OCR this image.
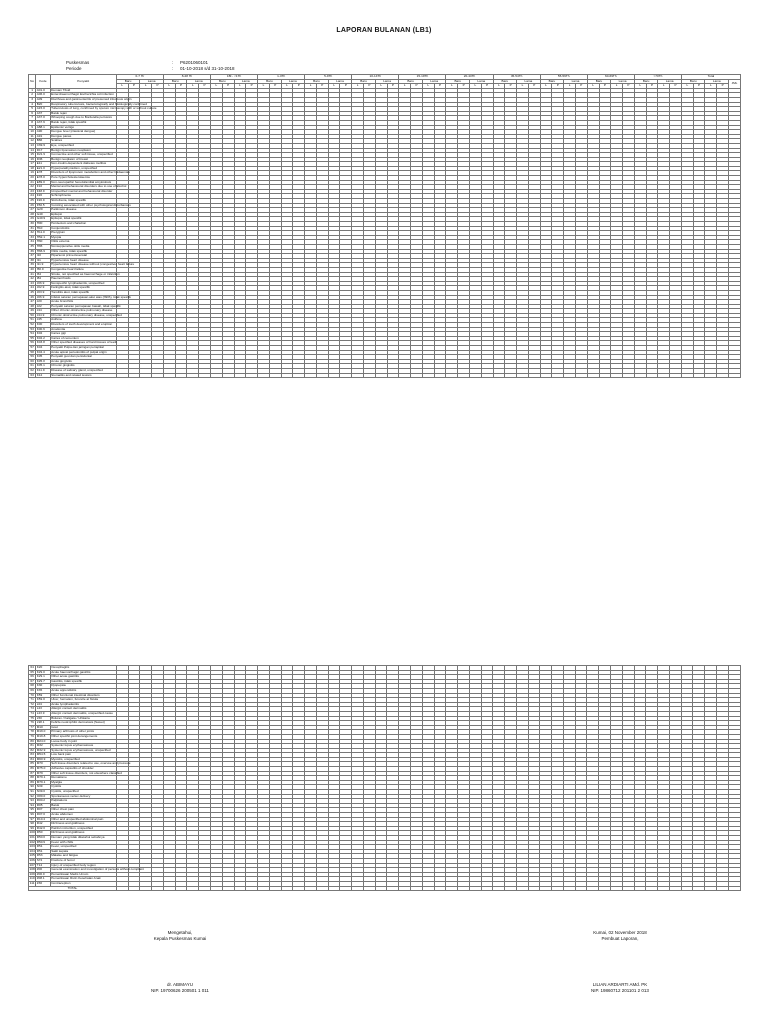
LAPORAN BULANAN (LB1)
Puskesmas	:	P6201060101
Periode	:	01-10-2018 s/d 31-10-2018
No	Kode	Penyakit	0-7 Hr				8-28 Hr				1Bl - <1Th				1-4Th				5-9Th				10-14Th				15-19Th				20-44Th				45-54Th				55-59Th				60-69Th				>70Th				Total				
			Baru		Lama		Baru		Lama		Baru		Lama		Baru		Lama		Baru		Lama		Baru		Lama		Baru		Lama		Baru		Lama		Baru		Lama		Baru		Lama		Baru		Lama		Baru		Lama		Baru		Lama		JML
			L	P	L	P	L	P	L	P	L	P	L	P	L	P	L	P	L	P	L	P	L	P	L	P	L	P	L	P	L	P	L	P	L	P	L	P	L	P	L	P	L	P	L	P	L	P	L	P	L	P	L	P	
1	A01.0	Demam Tifoid																																																					
2	A06.0	Enterohaemorrhagic Escherichia coli infection																																																					
3	A09	Diarrhoea and gastroenteritis of presumed infectious origin																																																					
4	B20	Respiratory tuberculosis, bacteriologically and histologically confirmed																																																					
5	A15.0	Tuberculosis of lung, confirmed by sputum microscopy with or without culture																																																					
6	A37	Batuk rejan																																																					
7	A37.0	Whooping cough due to Bordetella pertussis																																																					
8	A37.9	Batuk rejan, tidak spesifik																																																					
9	A88.1	Epidemic vertigo																																																					
10	A90	Dengue fever [classical dengue]																																																					
11	A91	Dengue panas																																																					
12	B86	Scabies																																																					
13	C69.9	Eye, unspecified																																																					
14	D17	Benign lipomatous neoplasm																																																					
15	D21.9	Connective and other soft tissue, unspecified																																																					
16	D36	Benign neoplasm of breast																																																					
17	E11	Non-insulin-dependent diabetes mellitus																																																					
18	E21.0	Hyperparathyroidism, unspecified																																																					
19	E78	Disorders of lipoprotein metabolism and other lipidaemias																																																					
20	E78.0	Pure hypercholesterolaemia																																																					
21	E89.0	Non-neuropathic heredofamilial amyloidosis																																																					
22	F10	Mental and behavioural disorders due to use of alcohol																																																					
23	F48.9	Unspecified mental and behavioural disorder																																																					
24	F20	Schizophrenia																																																					
25	F20.9	Skizofrenia, tidak spesifik																																																					
26	F50.5	Vomiting associated with other psychological disturbances																																																					
27	G20	Parkinson disease																																																					
28	G40	Epilepsi																																																					
29	G40.9	Epilepsi, tidak spesifik																																																					
30	H00	Hordeolum and chalazion																																																					
31	H10	Conjunctivitis																																																					
32	H11.0	Pterygium																																																					
33	H52.1	Myopia																																																					
34	H60	Otitis externa																																																					
35	H65	Nonsuppurative otitis media																																																					
36	H66.9	Otitis media, tidak spesifik																																																					
37	I10	Hipertensi primer/esensial																																																					
38	I11	Hypertensive heart disease																																																					
39	I11.9	Hypertensive heart disease without (congestive) heart failure																																																					
40	I50.0	Congestive heart failure																																																					
41	I64	Stroke, not specified as haemorrhage or infarction																																																					
42	I84	Haemorrhoids																																																					
43	J06.9	Nonspecific lymphadenitis, unspecified																																																					
44	J02.9	Faringitis akut, tidak spesifik																																																					
45	J03.9	Tonsilitis akut, tidak spesifik																																																					
46	J06.9	Infeksi saluran pernapasan akut atas (ISPA), tidak spesifik																																																					
47	J20	Acute bronchitis																																																					
48	J22	Penyakit saluran pernapasan bawah, tidak spesifik																																																					
49	J44	Other chronic obstructive pulmonary disease																																																					
50	J44.9	Chronic obstructive pulmonary disease, unspecified																																																					
51	J45	Asthma																																																					
52	K00	Disorders of tooth development and eruption																																																					
53	K00.6	Anodontia																																																					
54	K02	Caries gigi																																																					
55	K02.2	Caries of cementum																																																					
56	K03.8	Other specified diseases of hard tissues of teeth																																																					
57	K04	Penyakit Pulpa dan jaringan periapikal																																																					
58	K04.4	Acute apical periodontitis of pulpal origin																																																					
59	K05	Penyakit gusi dan periodontal																																																					
60	K05.0	Acute gingivitis																																																					
61	K05.1	Chronic gingivitis																																																					
62	K11.9	Disease of salivary gland, unspecified																																																					
63	K12	Stomatitis and related lesions																																																					
64	K20	Oesophagitis																																																					
65	K29.0	Acute haemorrhagic gastritis																																																					
66	K29.1	Other acute gastritis																																																					
67	K29.7	Gastritis, tidak spesifik																																																					
68	K30	Dyspepsia																																																					
69	K35	Acute appendicitis																																																					
70	K59	Other functional intestinal disorders																																																					
71	K59.0	Ulcer, hernation, furuncle at fistula																																																					
72	L04	Acute lymphadenitis																																																					
73	L23	Allergic contact dermatitis																																																					
74	L23.9	Allergic contact dermatitis, unspecified cause																																																					
75	L50	Biduran / Kaligata / Urtikaria																																																					
76	L98.1	Febrile neutrophilic dermatosis [Sweet]																																																					
77	M10	Gout																																																					
78	M19.0	Primary arthrosis of other joints																																																					
79	M19.8	Other specific joint derangements																																																					
80	M24.0	Loose body in joint																																																					
81	M32	Systemic lupus erythematosus																																																					
82	M32.9	Systemic lupus erythematosus, unspecified																																																					
83	M54.5	Low back pain																																																					
84	M60.9	Myositis, unspecified																																																					
85	M70	Soft tissue disorders related to use, overuse and pressure																																																					
86	M75.0	Adhesive capsulitis of shoulder																																																					
87	M79	Other soft tissue disorders, not elsewhere classified																																																					
88	M79.1	Rematisme																																																					
89	M79.1	Myalgia																																																					
90	N39	Cystitis																																																					
91	N39.0	Cystitis, unspecified																																																					
92	O80.0	Spontaneous vertex delivery																																																					
93	R00.2	Palpitations																																																					
94	R05	Batuk																																																					
95	R07	Other chest pain																																																					
96	R07.0	Acute abdomen																																																					
97	R10.4	Other and unspecified abdominal pain																																																					
98	R42	Dizziness and giddiness																																																					
99	R42.0	Painful micturition, unspecified																																																					
100	R50	Dizziness and giddiness																																																					
101	R50.0	Demam yang tidak diketahui sebabnya																																																					
102	R50.9	Fever with chills																																																					
103	R51	Fever, unspecified																																																					
104	R51	Sakit kepala																																																					
105	R53	Malaise and fatigue																																																					
106	S72	Fracture of femur																																																					
107	T14	Injury of unspecified body region																																																					
108	Z00	General examination and investigation of persons without complaint																																																					
109	Z00.0	Pemeriksaan Medis Umum																																																					
110	Z08.1	Pemeriksaan Rutin Kesehatan Anak																																																					
111	Z30	Contraception																																																					
TOTAL																																																							
Mengetahui,
Kepala Puskesmas Kumai
dr. ABIMAYU
NIP. 19700626 200501 1 011
Kumai, 02 November 2018
Pembuat Laporan,
LILIAN ARDIARTI AMd. PK
NIP. 19860712 201101 2 013
